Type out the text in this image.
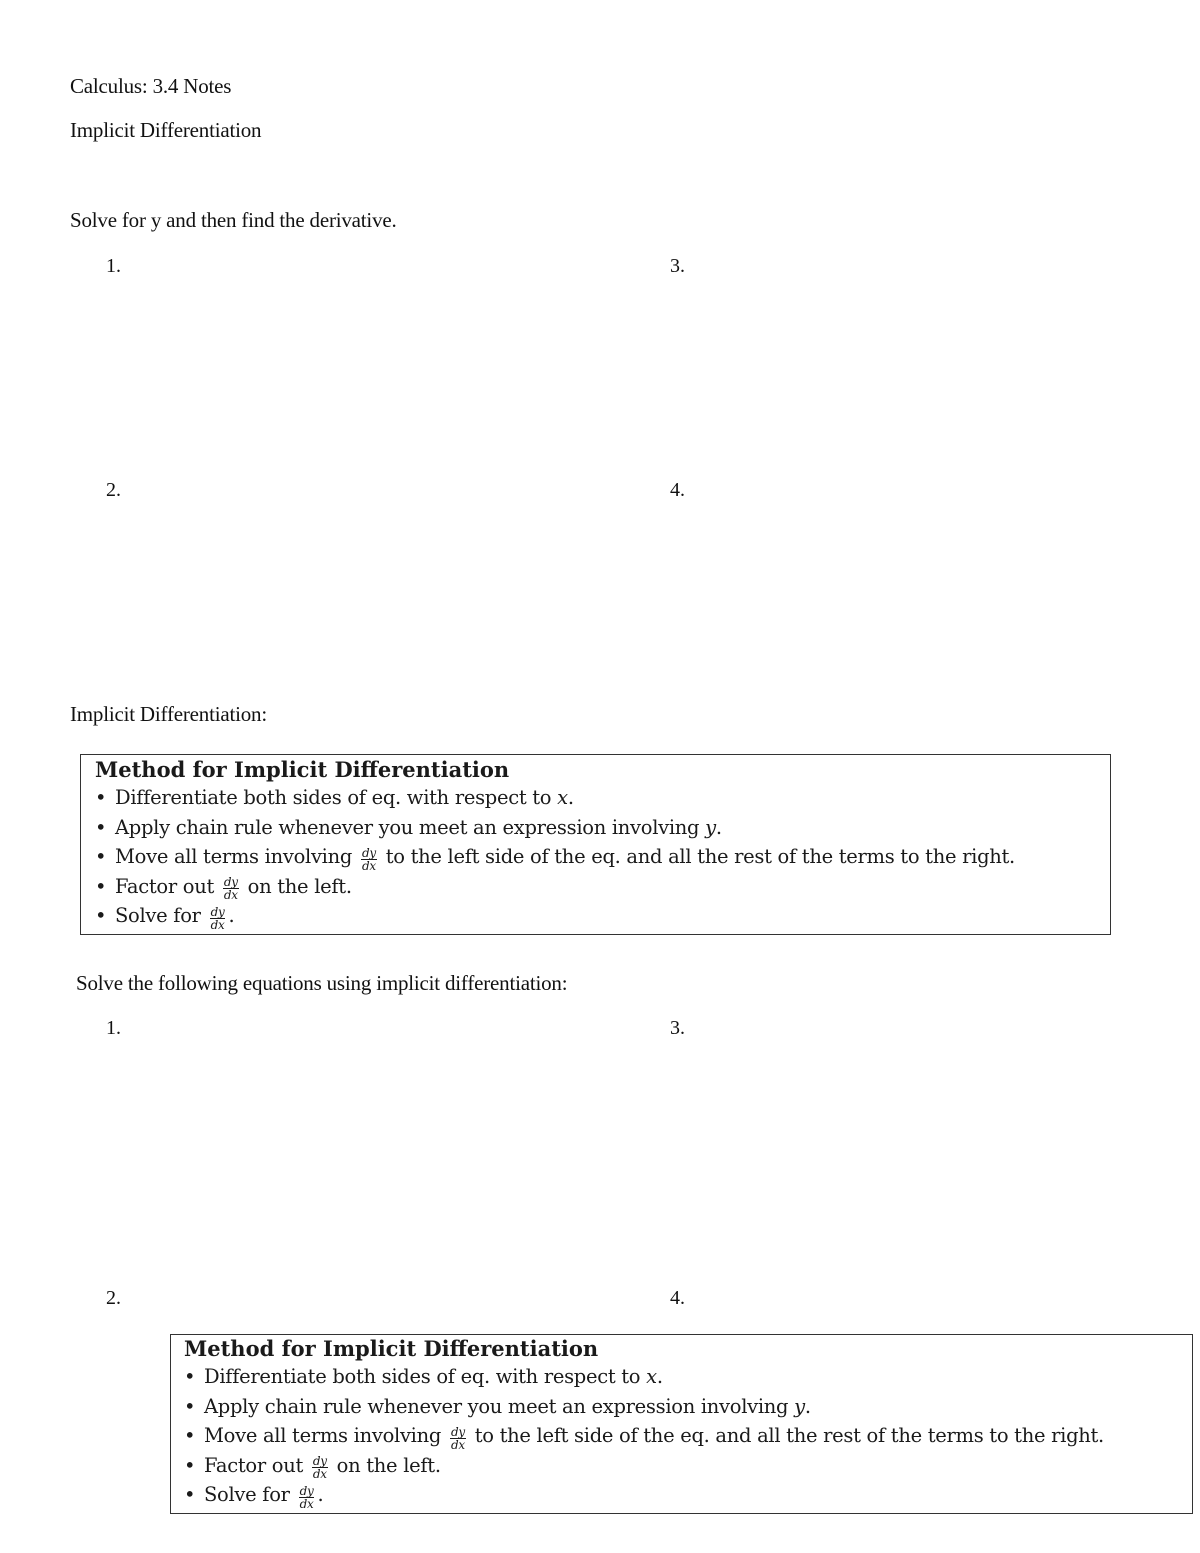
Calculus: 3.4 Notes
Implicit Differentiation
Solve for y and then find the derivative.
1.	3.
2.	4.
Implicit Differentiation:
Method for Implicit Differentiation
• Differentiate both sides of eq. with respect to x.
• Apply chain rule whenever you meet an expression involving y.
• Move all terms involving $\frac{dy}{dx}$ to the left side of the eq. and all the rest of the terms to the right.
• Factor out $\frac{dy}{dx}$ on the left.
• Solve for $\frac{dy}{dx}$ .
Solve the following equations using implicit differentiation:
1.	3.
2.	4.
Method for Implicit Differentiation
• Differentiate both sides of eq. with respect to x.
• Apply chain rule whenever you meet an expression involving y.
• Move all terms involving $\frac{dy}{dx}$ to the left side of the eq. and all the rest of the terms to the right.
• Factor out $\frac{dy}{dx}$ on the left.
• Solve for $\frac{dy}{dx}$ .
